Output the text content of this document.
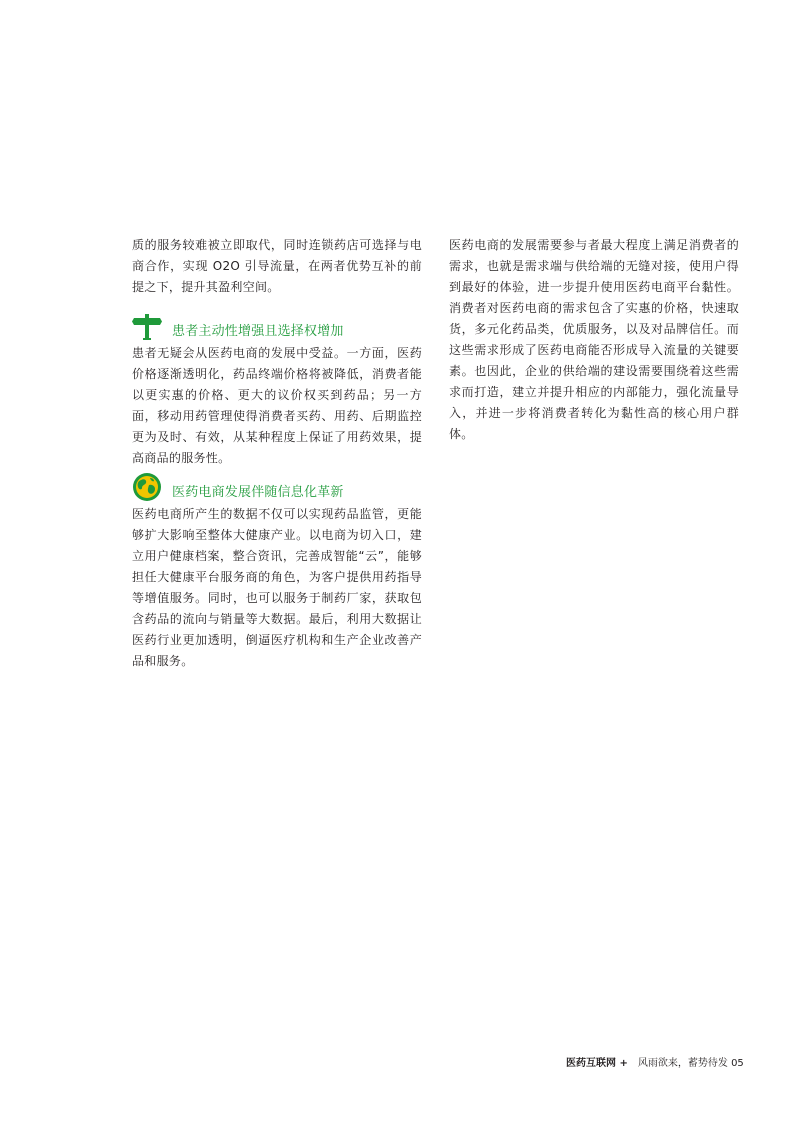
质的服务较难被立即取代，同时连锁药店可选择与电商合作，实现 O2O 引导流量，在两者优势互补的前提之下，提升其盈利空间。

患者主动性增强且选择权增加

患者无疑会从医药电商的发展中受益。一方面，医药价格逐渐透明化，药品终端价格将被降低，消费者能以更实惠的价格、更大的议价权买到药品；另一方面，移动用药管理使得消费者买药、用药、后期监控更为及时、有效，从某种程度上保证了用药效果，提高商品的服务性。

医药电商发展伴随信息化革新

医药电商所产生的数据不仅可以实现药品监管，更能够扩大影响至整体大健康产业。以电商为切入口，建立用户健康档案，整合资讯，完善成智能“云”，能够担任大健康平台服务商的角色，为客户提供用药指导等增值服务。同时，也可以服务于制药厂家，获取包含药品的流向与销量等大数据。最后，利用大数据让医药行业更加透明，倒逼医疗机构和生产企业改善产品和服务。

医药电商的发展需要参与者最大程度上满足消费者的需求，也就是需求端与供给端的无缝对接，使用户得到最好的体验，进一步提升使用医药电商平台黏性。消费者对医药电商的需求包含了实惠的价格，快速取货，多元化药品类，优质服务，以及对品牌信任。而这些需求形成了医药电商能否形成导入流量的关键要素。也因此，企业的供给端的建设需要围绕着这些需求而打造，建立并提升相应的内部能力，强化流量导入，并进一步将消费者转化为黏性高的核心用户群体。

医药互联网 + 风雨欲来，蓄势待发 05
